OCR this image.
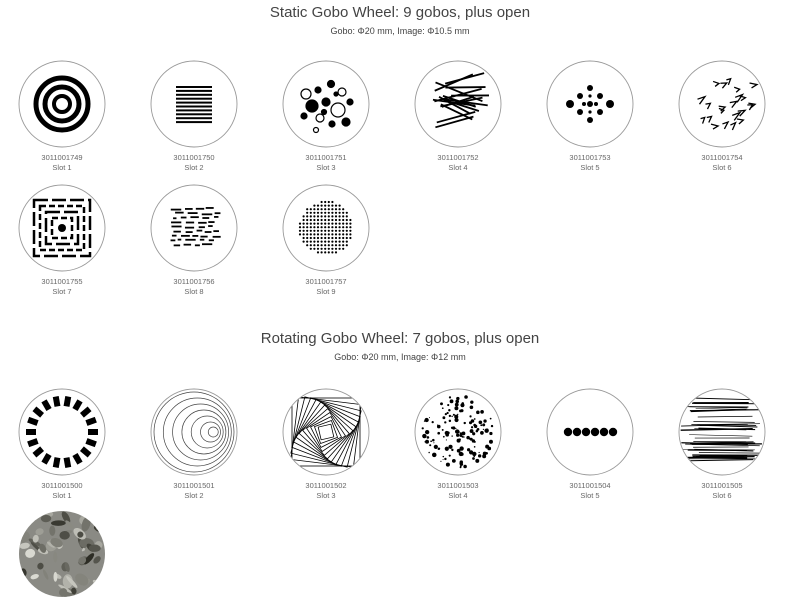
Static Gobo Wheel: 9 gobos, plus open
Gobo: Φ20 mm, Image: Φ10.5 mm
Rotating Gobo Wheel: 7 gobos, plus open
Gobo: Φ20 mm, Image: Φ12 mm
3011001749
Slot 1
3011001750
Slot 2
3011001751
Slot 3
3011001752
Slot 4
3011001753
Slot 5
3011001754
Slot 6
3011001755
Slot 7
3011001756
Slot 8
3011001757
Slot 9
3011001500
Slot 1
3011001501
Slot 2
3011001502
Slot 3
3011001503
Slot 4
3011001504
Slot 5
3011001505
Slot 6
